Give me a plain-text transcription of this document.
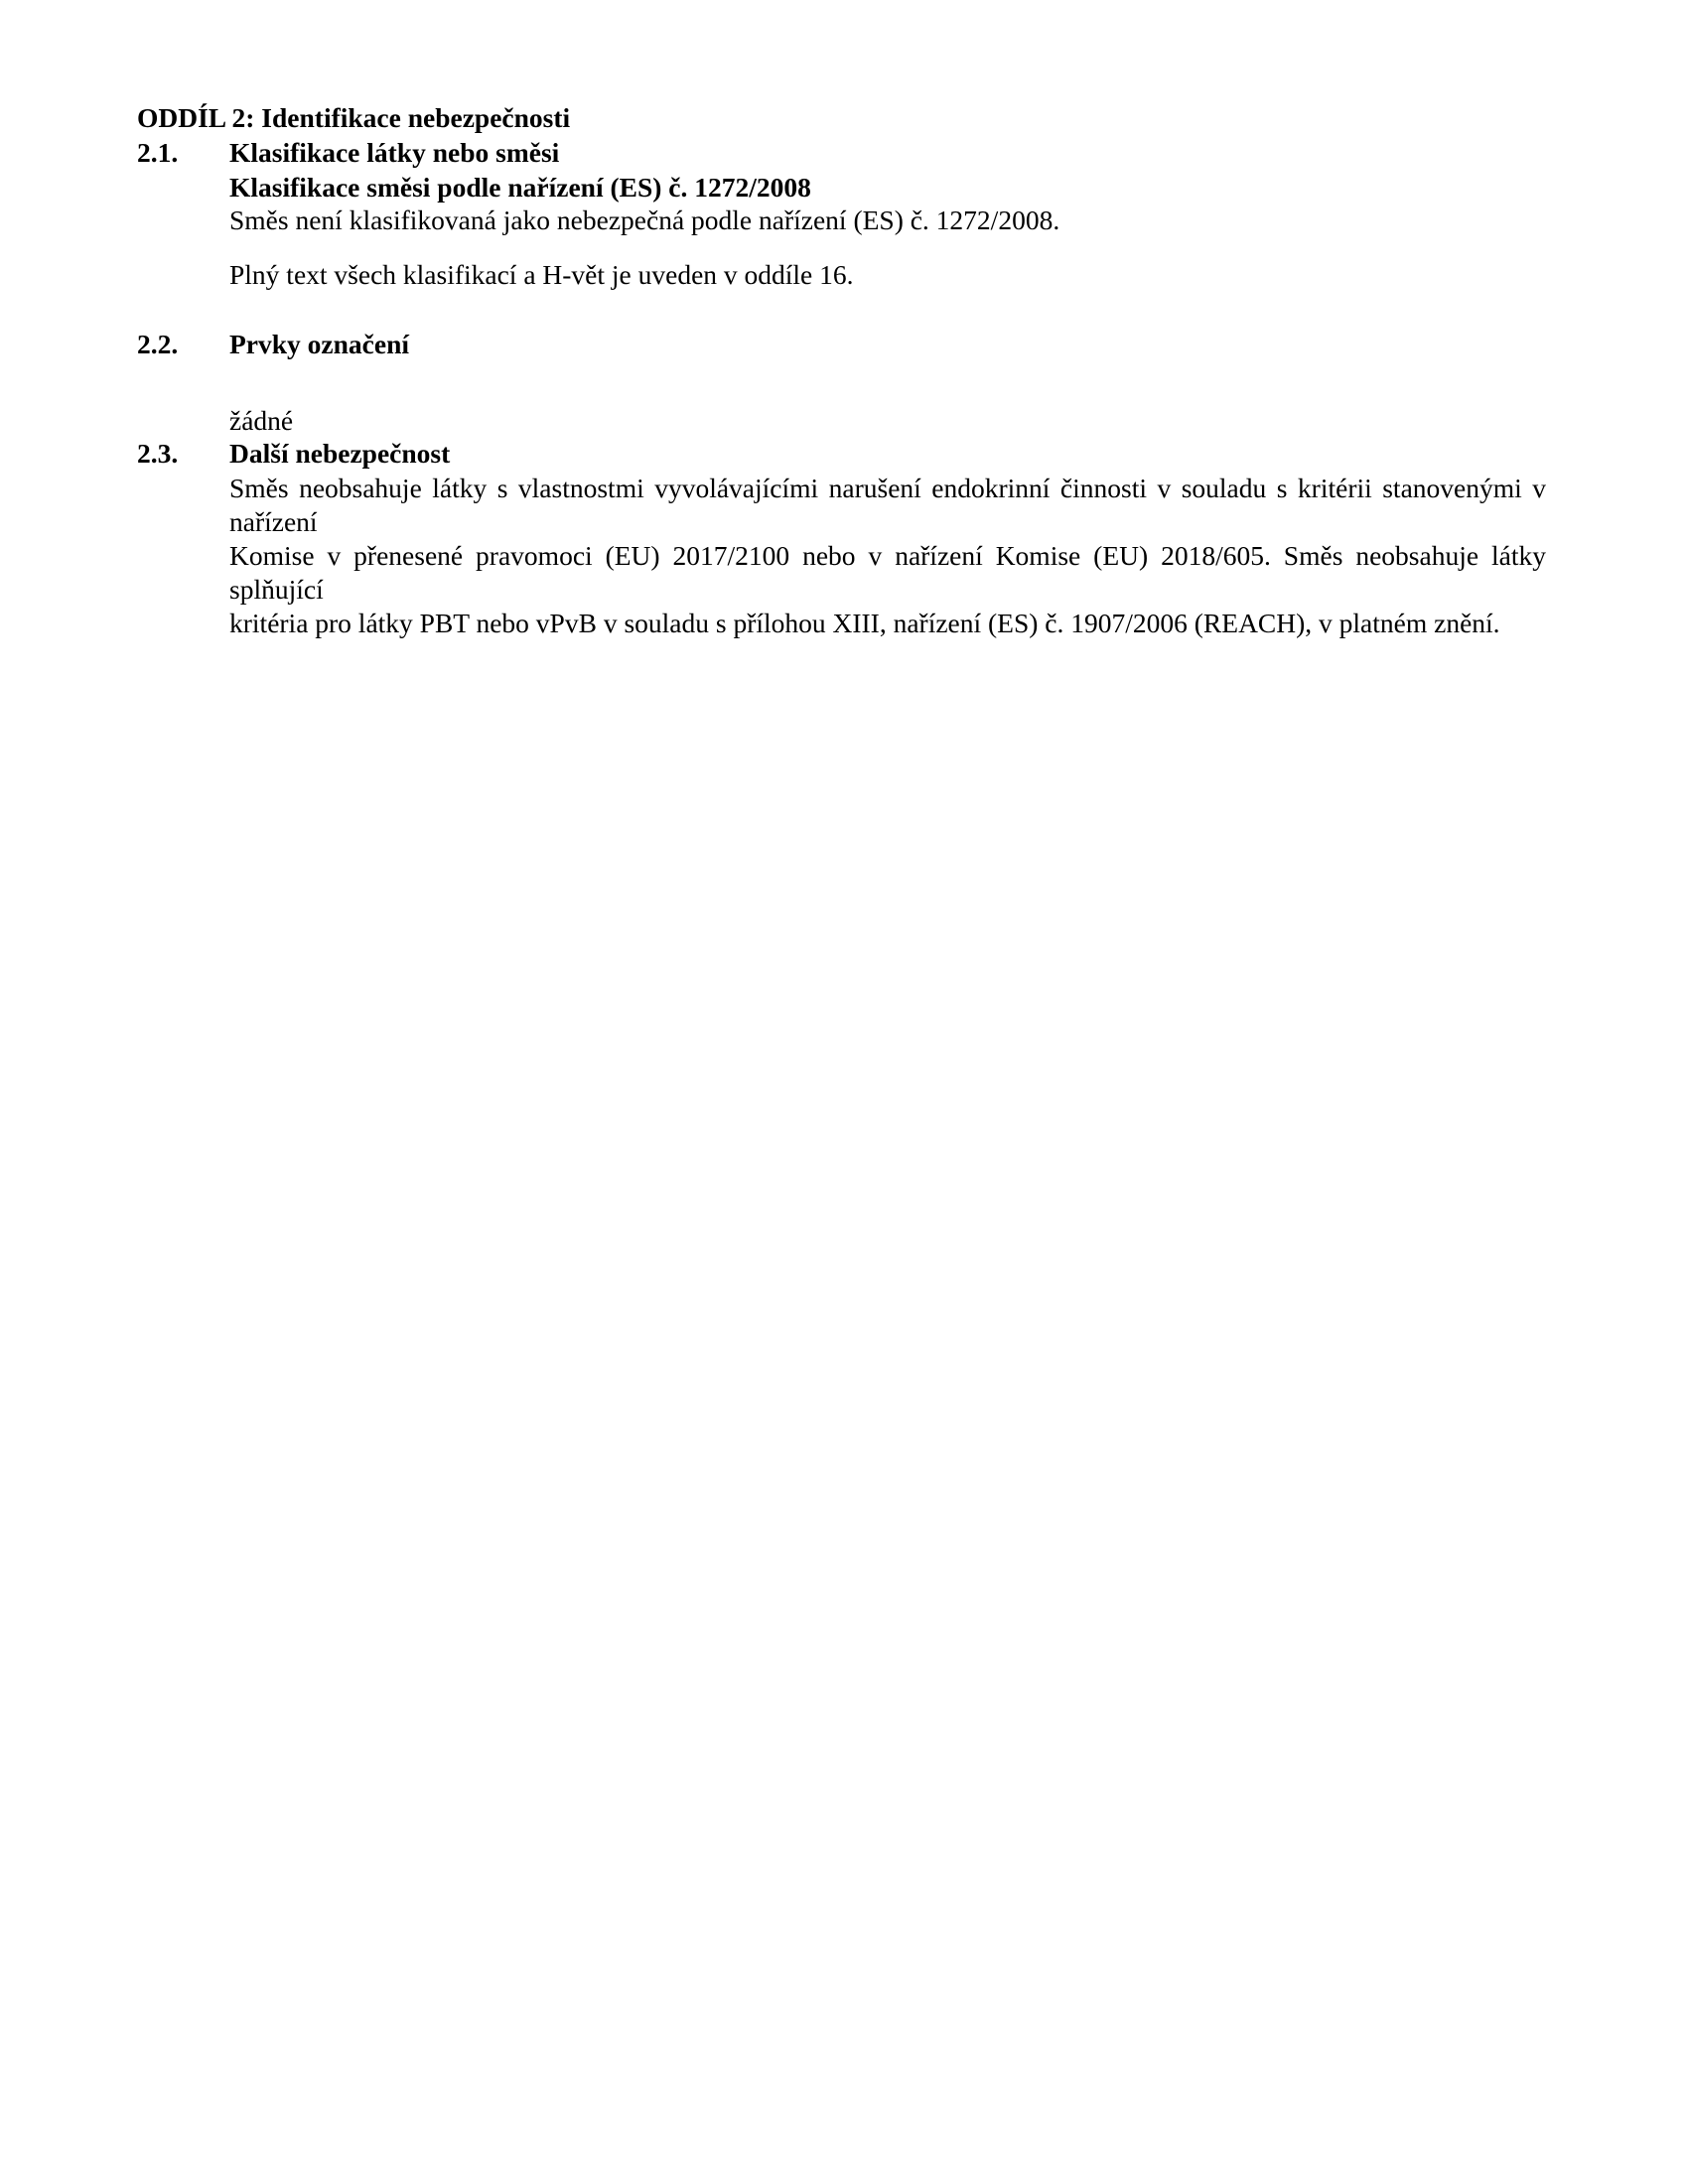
ODDÍL 2: Identifikace nebezpečnosti
2.1. Klasifikace látky nebo směsi
Klasifikace směsi podle nařízení (ES) č. 1272/2008
Směs není klasifikovaná jako nebezpečná podle nařízení (ES) č. 1272/2008.
Plný text všech klasifikací a H-vět je uveden v oddíle 16.
2.2. Prvky označení
žádné
2.3. Další nebezpečnost
Směs neobsahuje látky s vlastnostmi vyvolávajícími narušení endokrinní činnosti v souladu s kritérii stanovenými v nařízení
Komise v přenesené pravomoci (EU) 2017/2100 nebo v nařízení Komise (EU) 2018/605. Směs neobsahuje látky splňující
kritéria pro látky PBT nebo vPvB v souladu s přílohou XIII, nařízení (ES) č. 1907/2006 (REACH), v platném znění.
